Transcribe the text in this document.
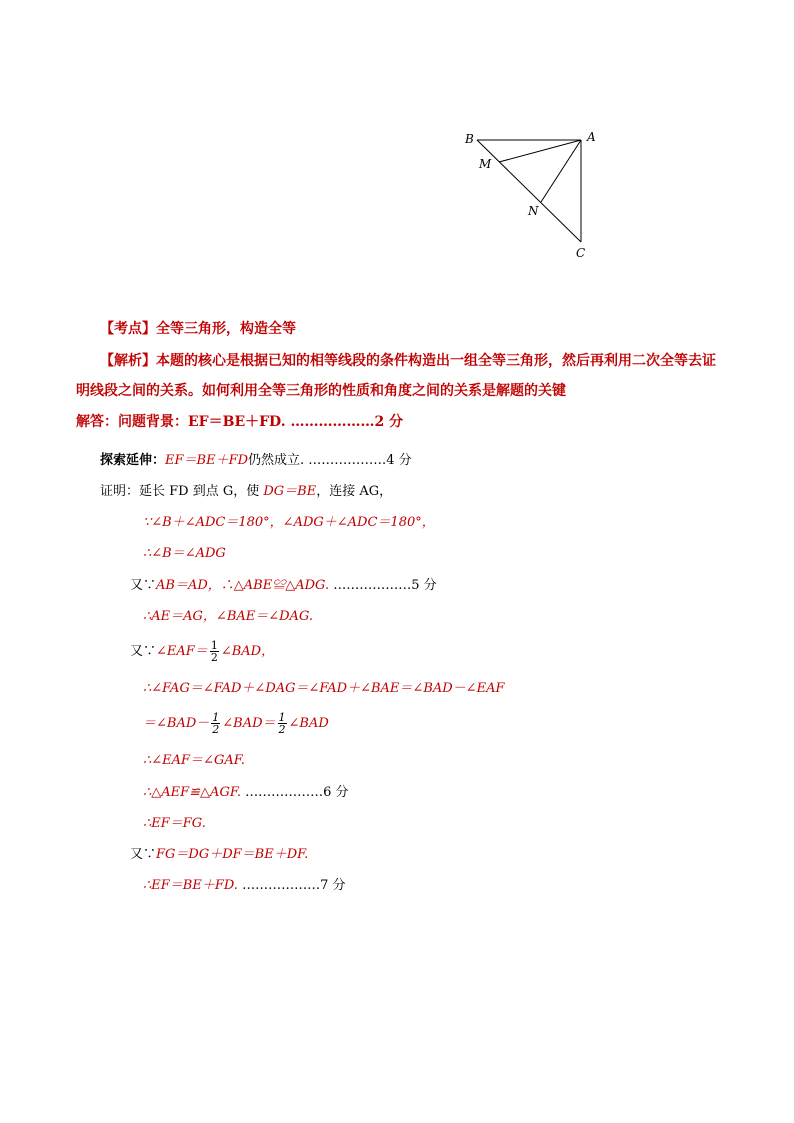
B	A
M
N
C
【考点】全等三角形，构造全等
【解析】本题的核心是根据已知的相等线段的条件构造出一组全等三角形，然后再利用二次全等去证
明线段之间的关系。如何利用全等三角形的性质和角度之间的关系是解题的关键
解答：问题背景：EF＝BE＋FD. ………………2 分
探索延伸：EF＝BE＋FD仍然成立. ………………4 分
证明：延长 FD 到点 G，使 DG＝BE，连接 AG，
∵∠B＋∠ADC＝180°，∠ADG＋∠ADC＝180°，
∴∠B＝∠ADG
又∵AB＝AD，∴△ABE≌△ADG. ………………5 分
∴AE＝AG，∠BAE＝∠DAG.
又∵∠EAF＝ $\frac{1}{2}$ ∠BAD，
∴∠FAG＝∠FAD＋∠DAG＝∠FAD＋∠BAE＝∠BAD－∠EAF
＝∠BAD－ $\frac{1}{2}$ ∠BAD＝ $\frac{1}{2}$ ∠BAD
∴∠EAF＝∠GAF.
∴△AEF≌△AGF. ………………6 分
∴EF＝FG.
又∵FG＝DG＋DF＝BE＋DF.
∴EF＝BE＋FD. ………………7 分
